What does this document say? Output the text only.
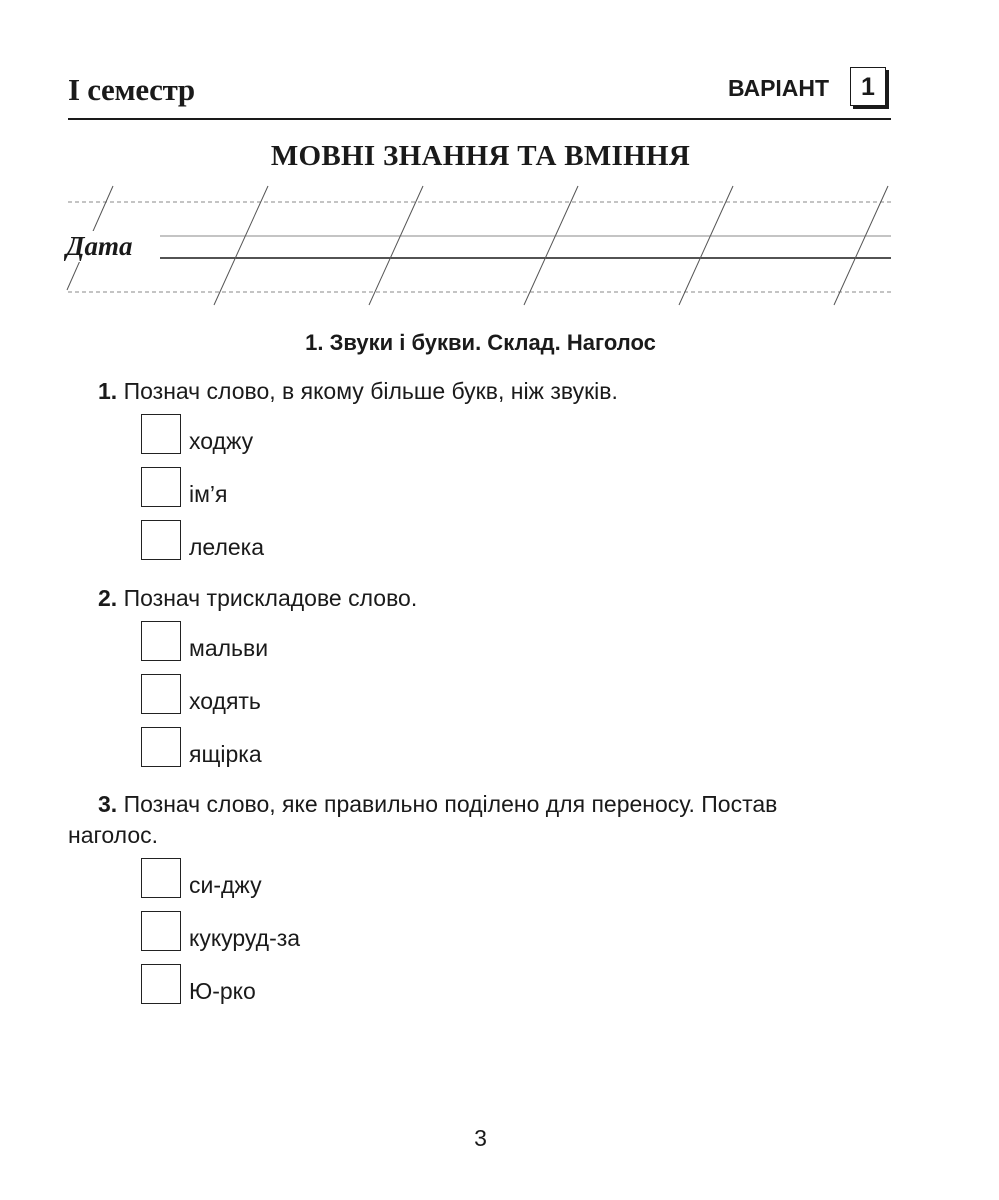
I семестр	ВАРІАНТ	1
МОВНІ ЗНАННЯ ТА ВМІННЯ
Дата
1. Звуки і букви. Склад. Наголос
1. Познач слово, в якому більше букв, ніж звуків.
ходжу
ім’я
лелека
2. Познач трискладове слово.
мальви
ходять
ящірка
3. Познач слово, яке правильно поділено для переносу. Постав
наголос.
си-джу
кукуруд-за
Ю-рко
3
